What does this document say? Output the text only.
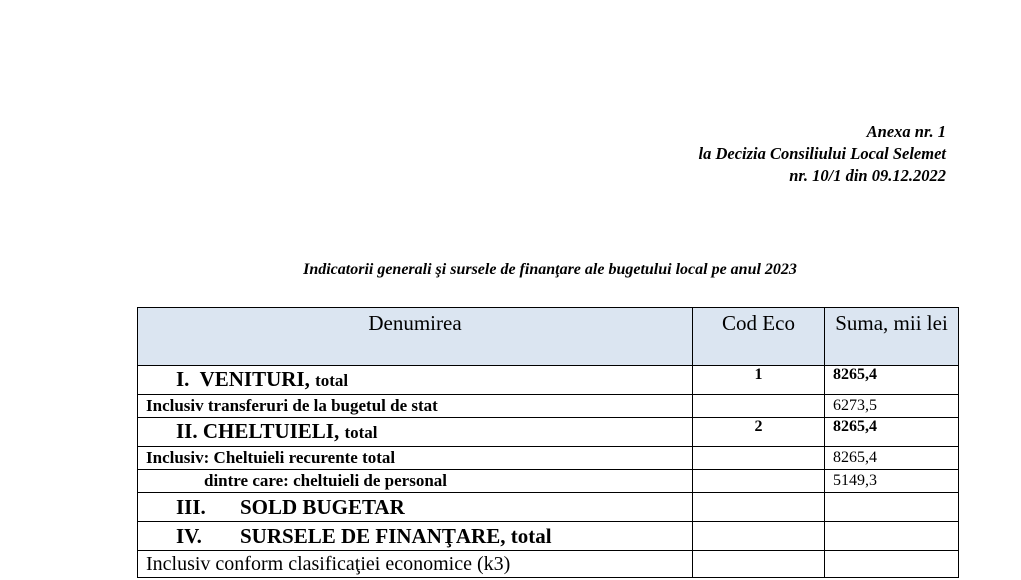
Anexa nr. 1
la Decizia Consiliului Local Selemet
nr. 10/1 din 09.12.2022
Indicatorii generali şi sursele de finanţare ale bugetului local pe anul 2023
Denumirea	Cod Eco	Suma, mii lei
I. VENITURI, total	1	8265,4
Inclusiv transferuri de la bugetul de stat		6273,5
II. CHELTUIELI, total	2	8265,4
Inclusiv: Cheltuieli recurente total		8265,4
dintre care: cheltuieli de personal		5149,3
III. SOLD BUGETAR		
IV. SURSELE DE FINANŢARE, total		
Inclusiv conform clasificaţiei economice (k3)		
